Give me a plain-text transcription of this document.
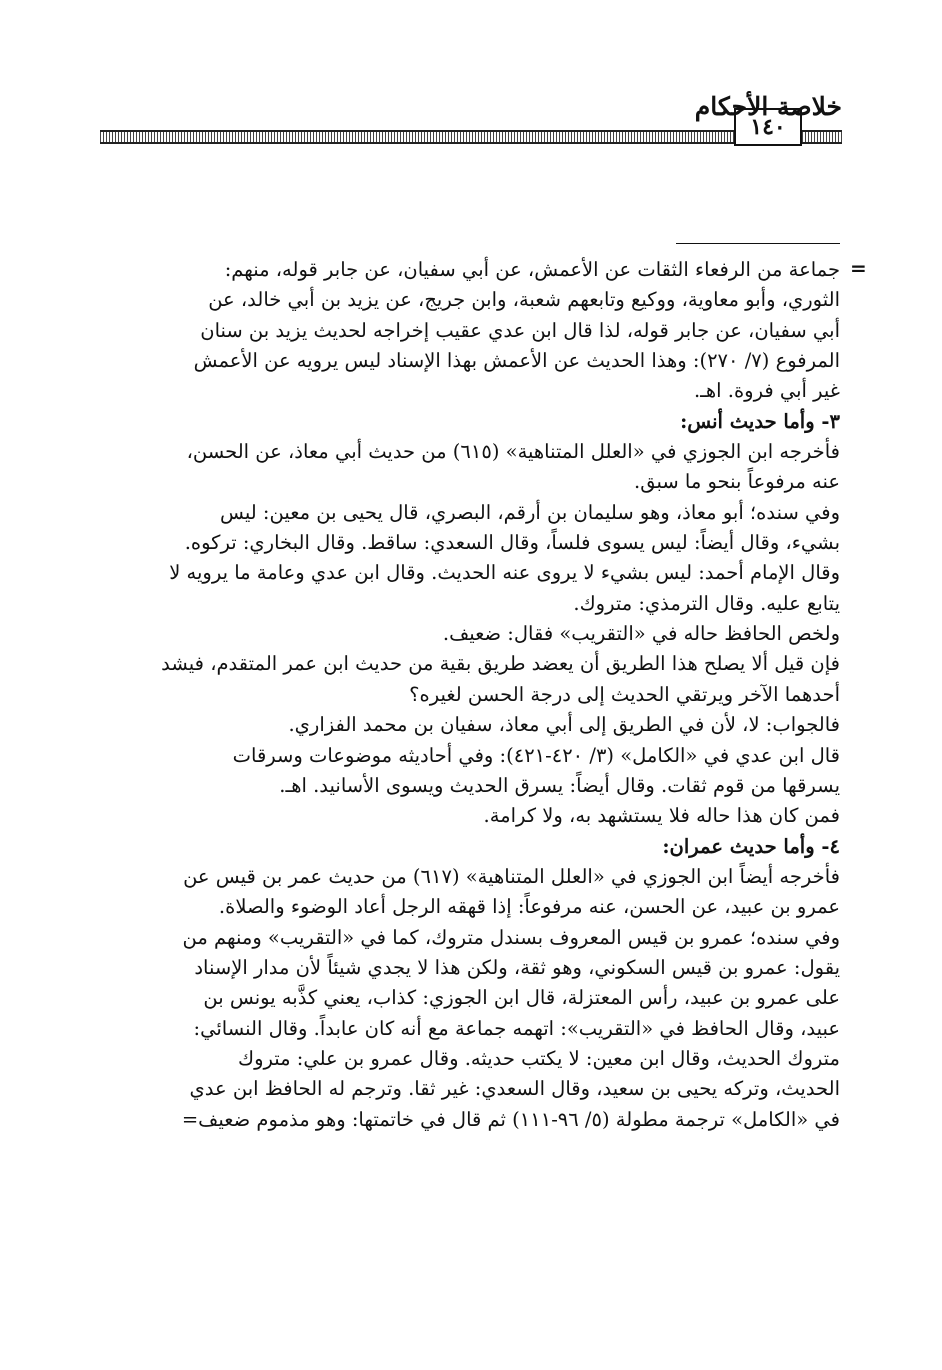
١٤٠
خلاصة الأحكام
=
جماعة من الرفعاء الثقات عن الأعمش، عن أبي سفيان، عن جابر قوله، منهم:
الثوري، وأبو معاوية، ووكيع وتابعهم شعبة، وابن جريج، عن يزيد بن أبي خالد، عن
أبي سفيان، عن جابر قوله، لذا قال ابن عدي عقيب إخراجه لحديث يزيد بن سنان
المرفوع (٧/ ٢٧٠): وهذا الحديث عن الأعمش بهذا الإسناد ليس يرويه عن الأعمش
غير أبي فروة. اهـ.
٣- وأما حديث أنس:
فأخرجه ابن الجوزي في «العلل المتناهية» (٦١٥) من حديث أبي معاذ، عن الحسن،
عنه مرفوعاً بنحو ما سبق.
وفي سنده؛ أبو معاذ، وهو سليمان بن أرقم، البصري، قال يحيى بن معين: ليس
بشيء، وقال أيضاً: ليس يسوى فلساً، وقال السعدي: ساقط. وقال البخاري: تركوه.
وقال الإمام أحمد: ليس بشيء لا يروى عنه الحديث. وقال ابن عدي وعامة ما يرويه لا
يتابع عليه. وقال الترمذي: متروك.
ولخص الحافظ حاله في «التقريب» فقال: ضعيف.
فإن قيل ألا يصلح هذا الطريق أن يعضد طريق بقية من حديث ابن عمر المتقدم، فيشد
أحدهما الآخر ويرتقي الحديث إلى درجة الحسن لغيره؟
فالجواب: لا، لأن في الطريق إلى أبي معاذ، سفيان بن محمد الفزاري.
قال ابن عدي في «الكامل» (٣/ ٤٢٠-٤٢١): وفي أحاديثه موضوعات وسرقات
يسرقها من قوم ثقات. وقال أيضاً: يسرق الحديث ويسوى الأسانيد. اهـ.
فمن كان هذا حاله فلا يستشهد به، ولا كرامة.
٤- وأما حديث عمران:
فأخرجه أيضاً ابن الجوزي في «العلل المتناهية» (٦١٧) من حديث عمر بن قيس عن
عمرو بن عبيد، عن الحسن، عنه مرفوعاً: إذا قهقه الرجل أعاد الوضوء والصلاة.
وفي سنده؛ عمرو بن قيس المعروف بسندل متروك، كما في «التقريب» ومنهم من
يقول: عمرو بن قيس السكوني، وهو ثقة، ولكن هذا لا يجدي شيئاً لأن مدار الإسناد
على عمرو بن عبيد، رأس المعتزلة، قال ابن الجوزي: كذاب، يعني كذَّبه يونس بن
عبيد، وقال الحافظ في «التقريب»: اتهمه جماعة مع أنه كان عابداً. وقال النسائي:
متروك الحديث، وقال ابن معين: لا يكتب حديثه. وقال عمرو بن علي: متروك
الحديث، وتركه يحيى بن سعيد، وقال السعدي: غير ثقا. وترجم له الحافظ ابن عدي
في «الكامل» ترجمة مطولة (٥/ ٩٦-١١١) ثم قال في خاتمتها: وهو مذموم ضعيف=
